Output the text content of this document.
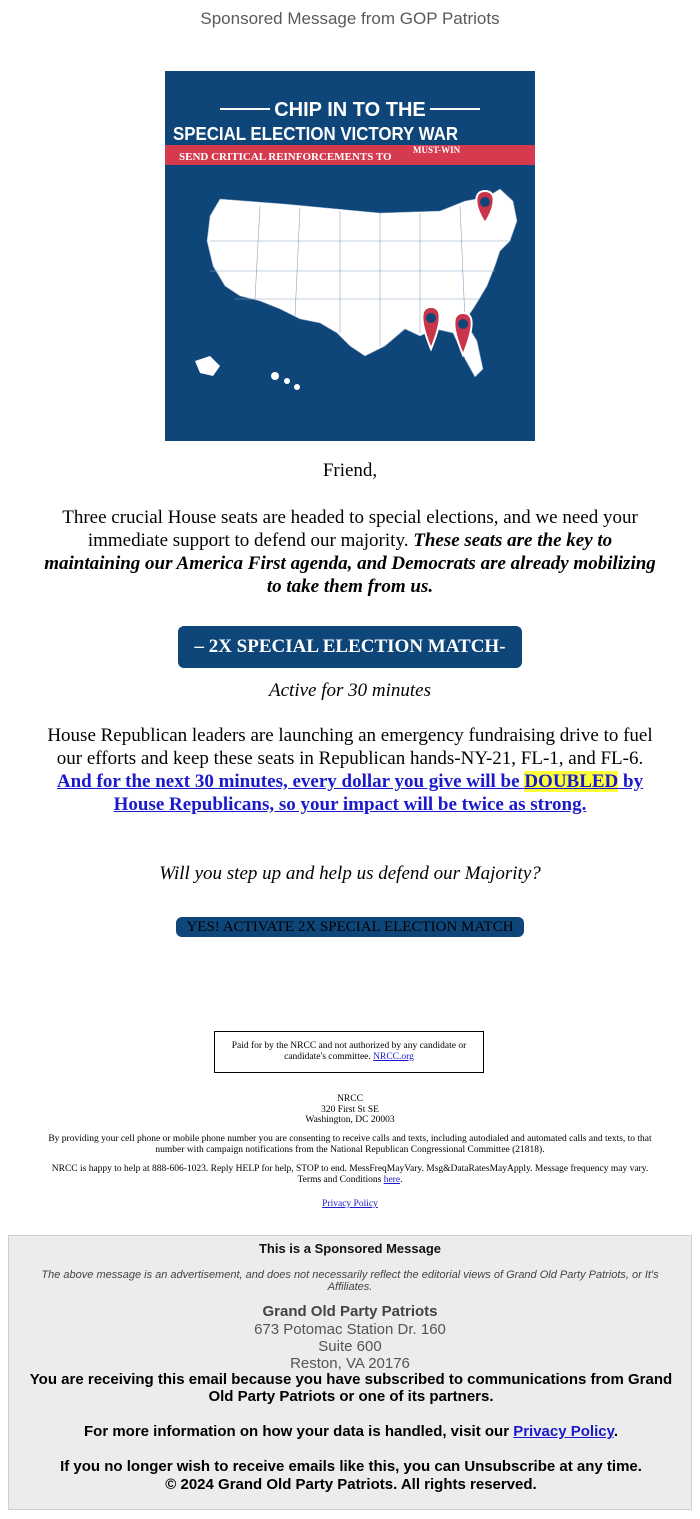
Sponsored Message from GOP Patriots
CHIP IN TO THE
SPECIAL ELECTION VICTORY WAR
SEND CRITICAL REINFORCEMENTS TO
MUST-WIN
Friend,
Three crucial House seats are headed to special elections, and we need your immediate support to defend our majority. These seats are the key to maintaining our America First agenda, and Democrats are already mobilizing to take them from us.
– 2X SPECIAL ELECTION MATCH-
Active for 30 minutes
House Republican leaders are launching an emergency fundraising drive to fuel our efforts and keep these seats in Republican hands-NY-21, FL-1, and FL-6. And for the next 30 minutes, every dollar you give will be DOUBLED by House Republicans, so your impact will be twice as strong.
Will you step up and help us defend our Majority?
YES! ACTIVATE 2X SPECIAL ELECTION MATCH
Paid for by the NRCC and not authorized by any candidate or candidate's committee. NRCC.org
NRCC
320 First St SE
Washington, DC 20003
By providing your cell phone or mobile phone number you are consenting to receive calls and texts, including autodialed and automated calls and texts, to that number with campaign notifications from the National Republican Congressional Committee (21818).
NRCC is happy to help at 888-606-1023. Reply HELP for help, STOP to end. MessFreqMayVary. Msg&DataRatesMayApply. Message frequency may vary. Terms and Conditions here.
Privacy Policy
This is a Sponsored Message
The above message is an advertisement, and does not necessarily reflect the editorial views of Grand Old Party Patriots, or It's Affiliates.
Grand Old Party Patriots
673 Potomac Station Dr. 160
Suite 600
Reston, VA 20176
You are receiving this email because you have subscribed to communications from Grand Old Party Patriots or one of its partners.
For more information on how your data is handled, visit our Privacy Policy.
If you no longer wish to receive emails like this, you can Unsubscribe at any time.
© 2024 Grand Old Party Patriots. All rights reserved.
